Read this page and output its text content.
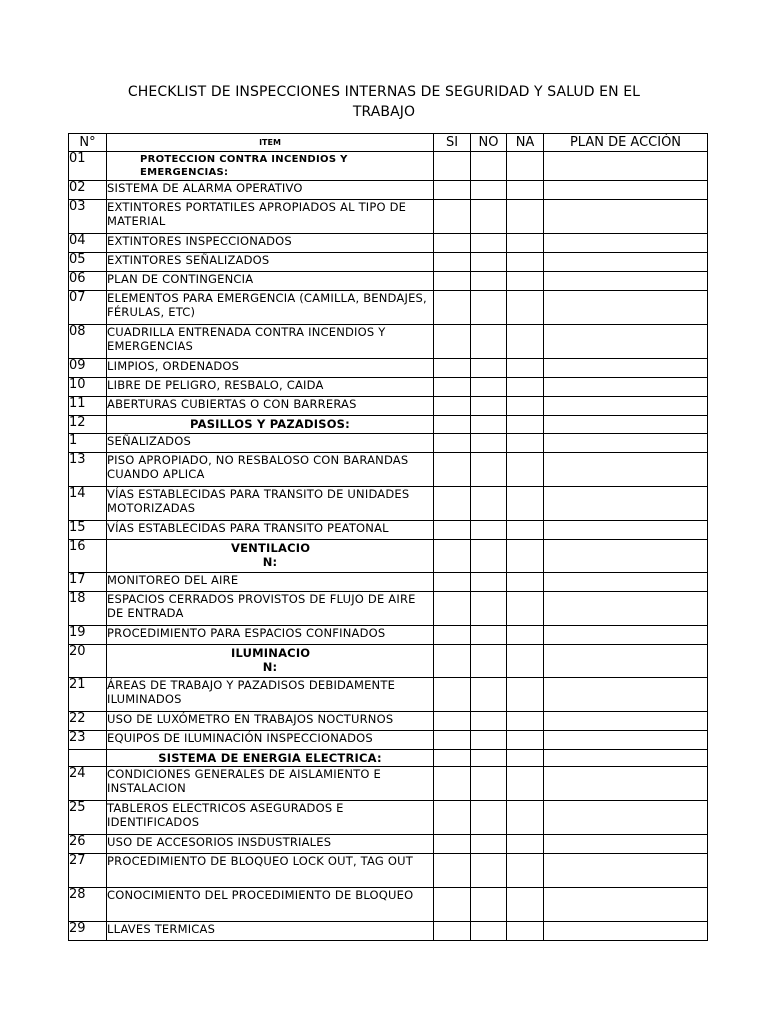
CHECKLIST DE INSPECCIONES INTERNAS DE SEGURIDAD Y SALUD EN EL
TRABAJO
N°	ITEM	SI	NO	NA	PLAN DE ACCIÓN
01	PROTECCION CONTRA INCENDIOS Y EMERGENCIAS:				
02	SISTEMA DE ALARMA OPERATIVO				
03	EXTINTORES PORTATILES APROPIADOS AL TIPO DE MATERIAL				
04	EXTINTORES INSPECCIONADOS				
05	EXTINTORES SEÑALIZADOS				
06	PLAN DE CONTINGENCIA				
07	ELEMENTOS PARA EMERGENCIA (CAMILLA, BENDAJES, FÉRULAS, ETC)				
08	CUADRILLA ENTRENADA CONTRA INCENDIOS Y EMERGENCIAS				
09	LIMPIOS, ORDENADOS				
10	LIBRE DE PELIGRO, RESBALO, CAIDA				
11	ABERTURAS CUBIERTAS O CON BARRERAS				
12	PASILLOS Y PAZADISOS:				
1	SEÑALIZADOS				
13	PISO APROPIADO, NO RESBALOSO CON BARANDAS CUANDO APLICA				
14	VÍAS ESTABLECIDAS PARA TRANSITO DE UNIDADES MOTORIZADAS				
15	VÍAS ESTABLECIDAS PARA TRANSITO PEATONAL				
16	VENTILACIO N:				
17	MONITOREO DEL AIRE				
18	ESPACIOS CERRADOS PROVISTOS DE FLUJO DE AIRE DE ENTRADA				
19	PROCEDIMIENTO PARA ESPACIOS CONFINADOS				
20	ILUMINACIO N:				
21	ÁREAS DE TRABAJO Y PAZADISOS DEBIDAMENTE ILUMINADOS				
22	USO DE LUXÓMETRO EN TRABAJOS NOCTURNOS				
23	EQUIPOS DE ILUMINACIÓN INSPECCIONADOS				
	SISTEMA DE ENERGIA ELECTRICA:				
24	CONDICIONES GENERALES DE AISLAMIENTO E INSTALACION				
25	TABLEROS ELECTRICOS ASEGURADOS E IDENTIFICADOS				
26	USO DE ACCESORIOS INSDUSTRIALES				
27	PROCEDIMIENTO DE BLOQUEO LOCK OUT, TAG OUT				
28	CONOCIMIENTO DEL PROCEDIMIENTO DE BLOQUEO				
29	LLAVES TERMICAS				
